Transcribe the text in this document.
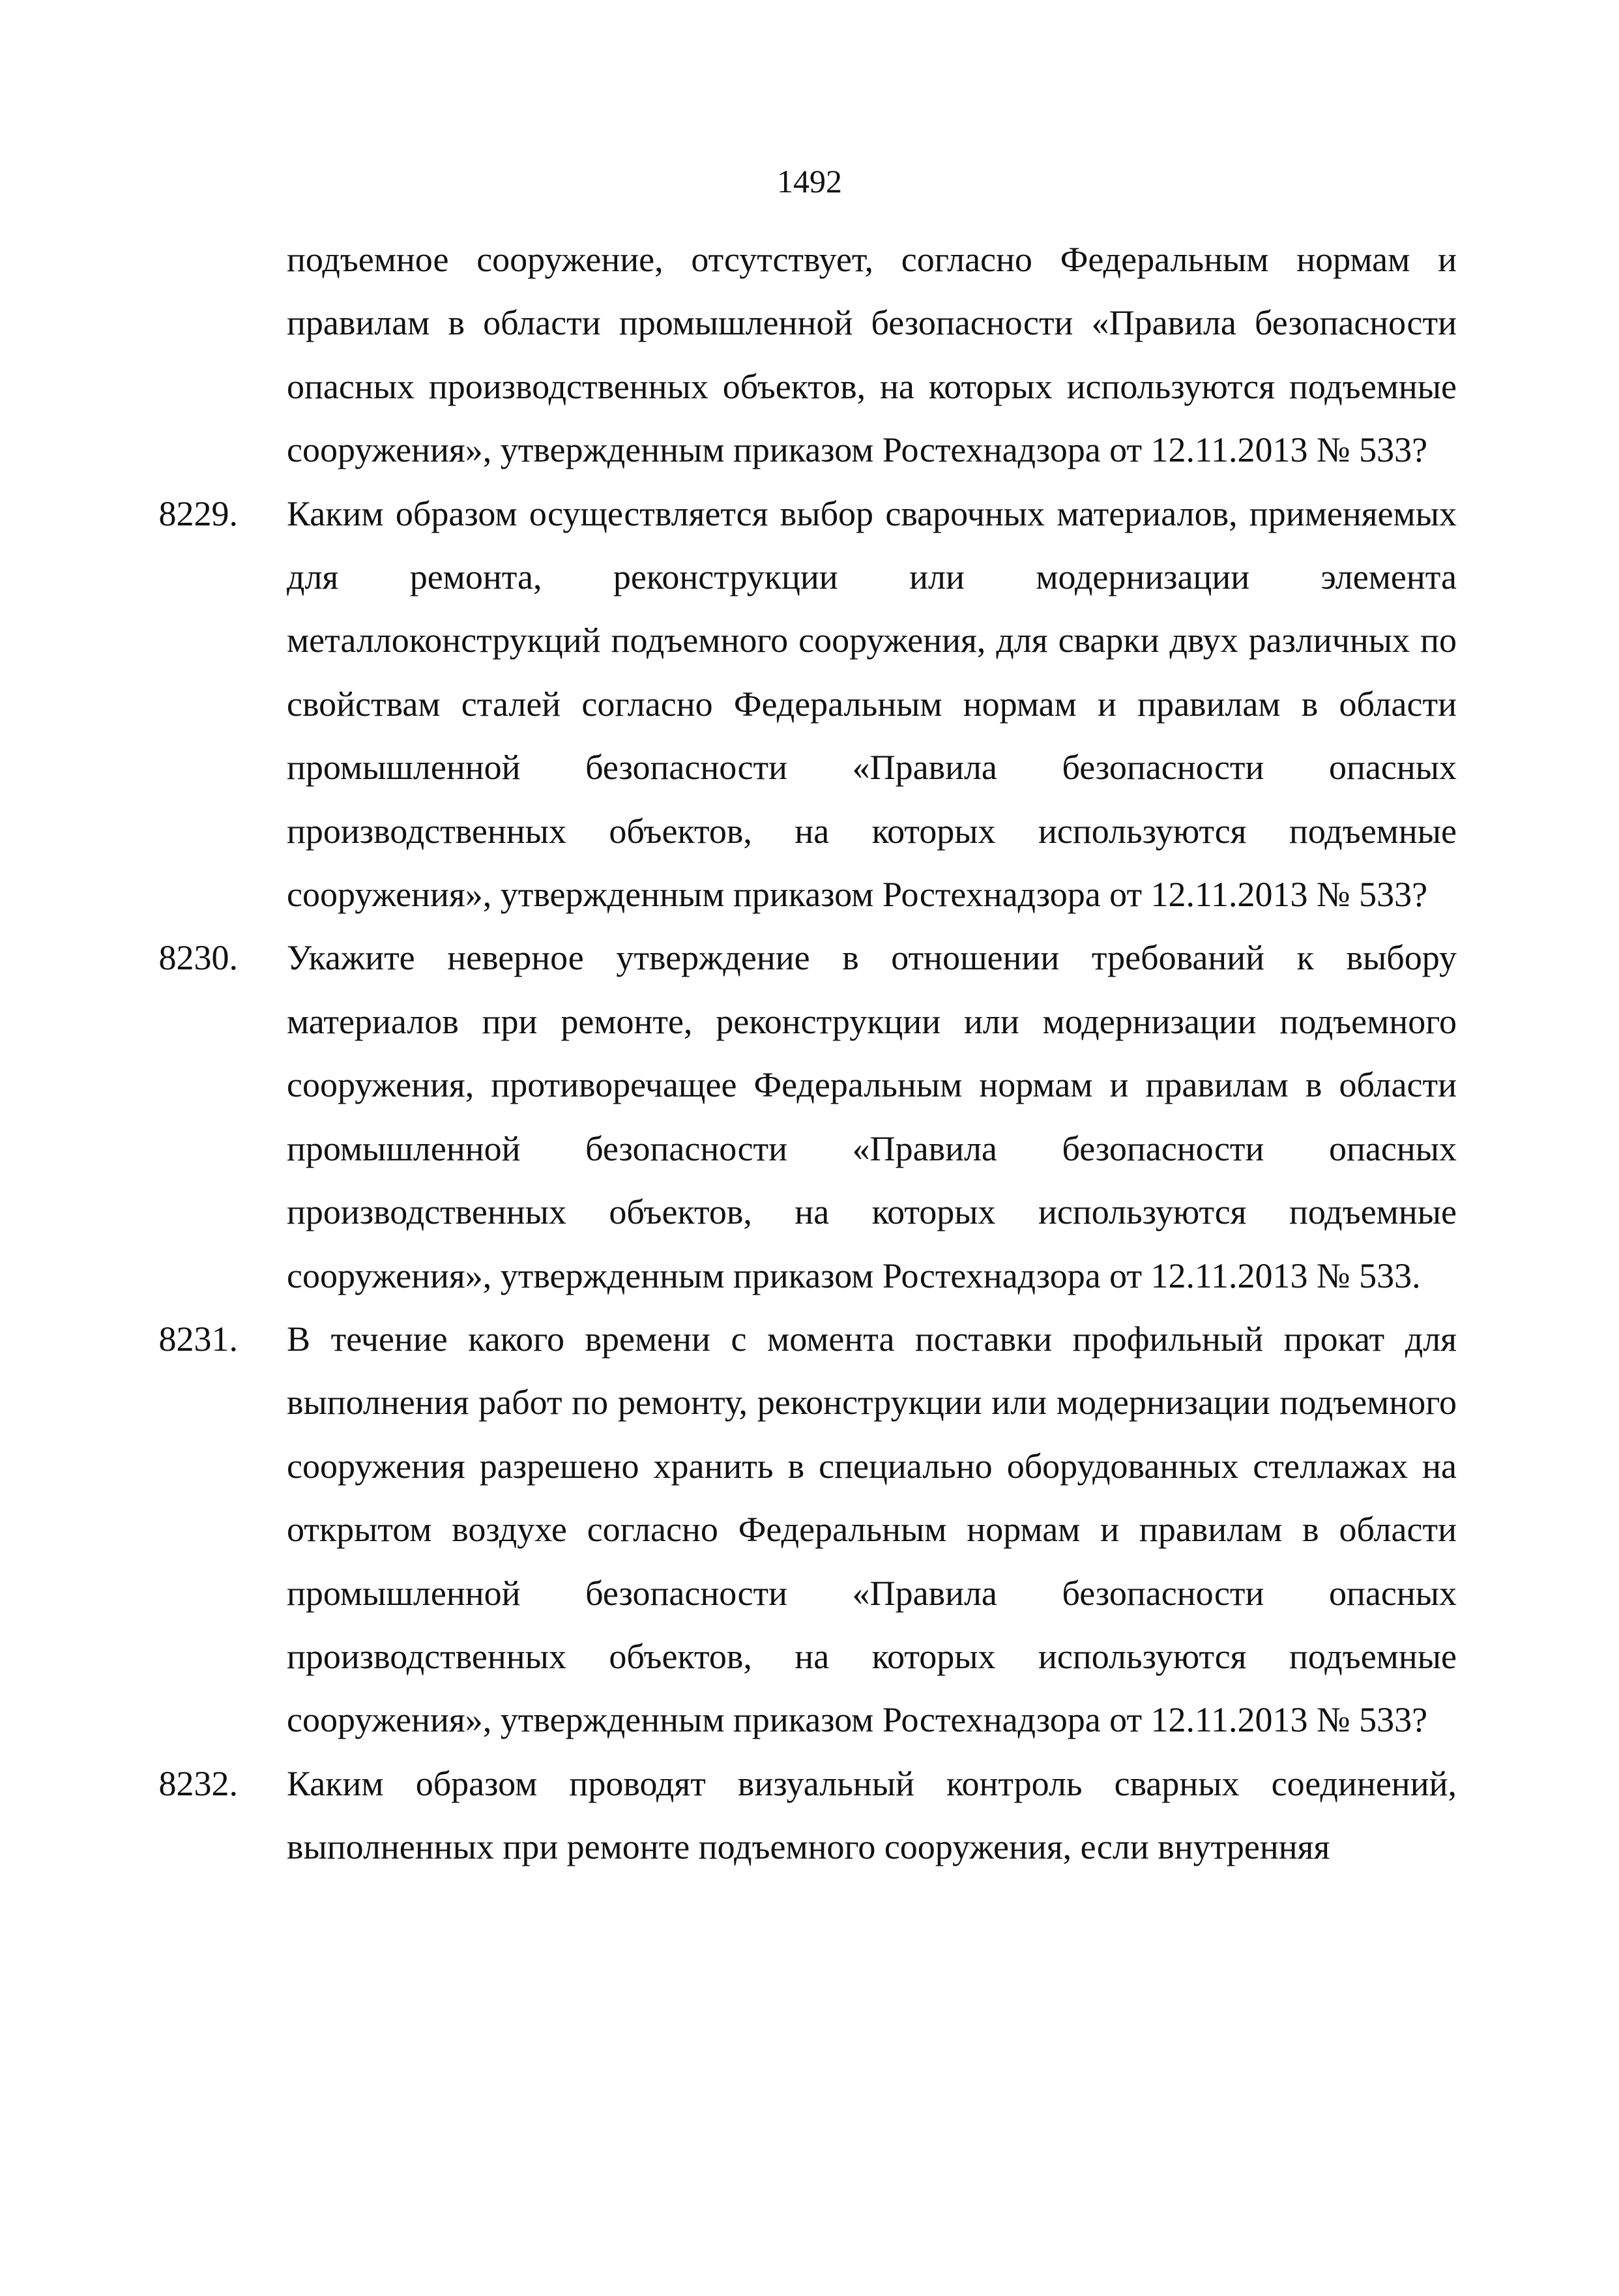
1492

подъемное сооружение, отсутствует, согласно Федеральным нормам и правилам в области промышленной безопасности «Правила безопасности опасных производственных объектов, на которых используются подъемные сооружения», утвержденным приказом Ростехнадзора от 12.11.2013 № 533?

8229. Каким образом осуществляется выбор сварочных материалов, применяемых для ремонта, реконструкции или модернизации элемента металлоконструкций подъемного сооружения, для сварки двух различных по свойствам сталей согласно Федеральным нормам и правилам в области промышленной безопасности «Правила безопасности опасных производственных объектов, на которых используются подъемные сооружения», утвержденным приказом Ростехнадзора от 12.11.2013 № 533?
8230. Укажите неверное утверждение в отношении требований к выбору материалов при ремонте, реконструкции или модернизации подъемного сооружения, противоречащее Федеральным нормам и правилам в области промышленной безопасности «Правила безопасности опасных производственных объектов, на которых используются подъемные сооружения», утвержденным приказом Ростехнадзора от 12.11.2013 № 533.
8231. В течение какого времени с момента поставки профильный прокат для выполнения работ по ремонту, реконструкции или модернизации подъемного сооружения разрешено хранить в специально оборудованных стеллажах на открытом воздухе согласно Федеральным нормам и правилам в области промышленной безопасности «Правила безопасности опасных производственных объектов, на которых используются подъемные сооружения», утвержденным приказом Ростехнадзора от 12.11.2013 № 533?
8232. Каким образом проводят визуальный контроль сварных соединений, выполненных при ремонте подъемного сооружения, если внутренняя
